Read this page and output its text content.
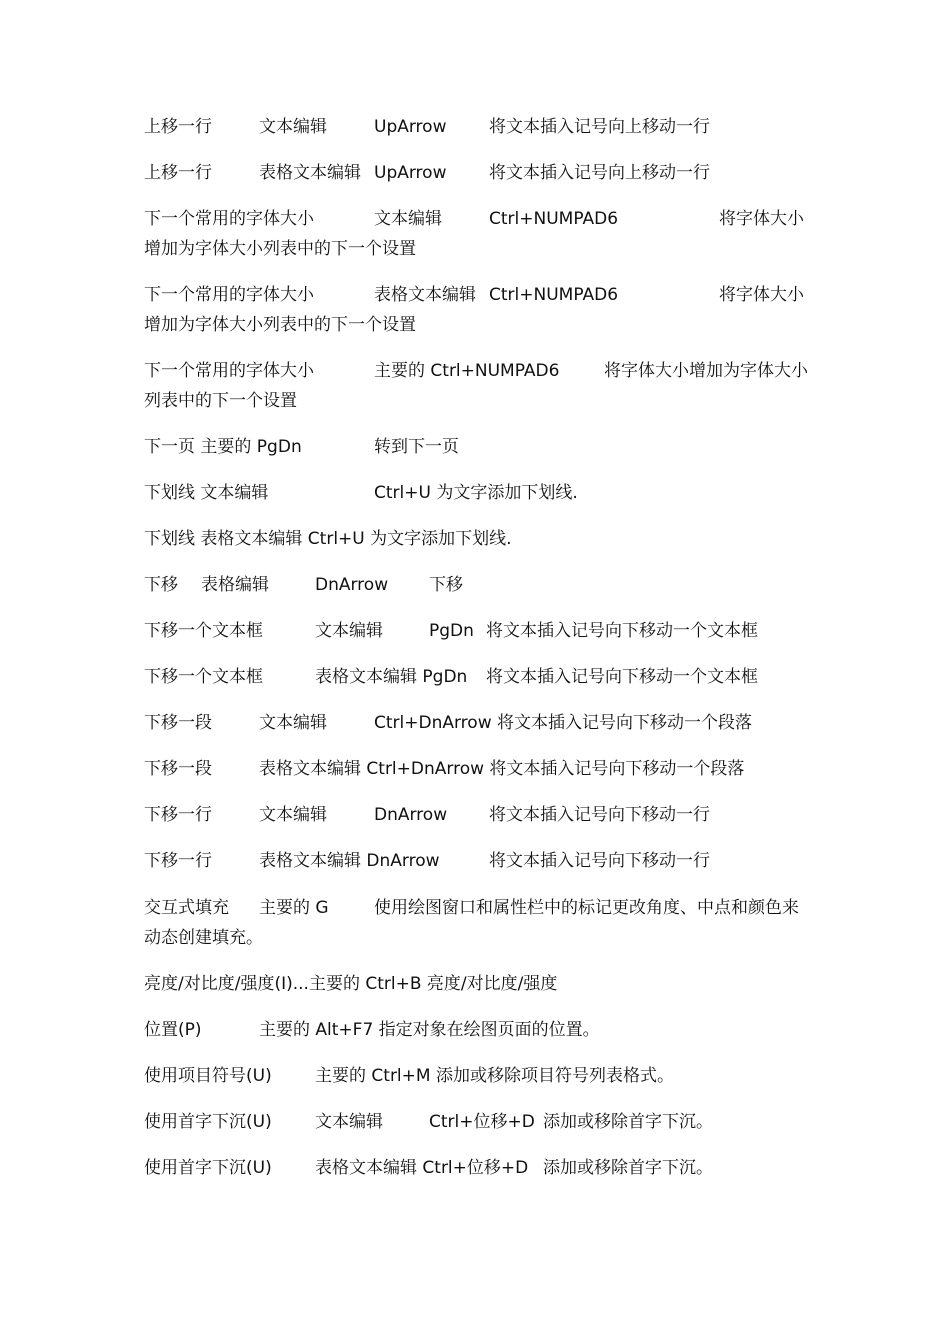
上移一行	文本编辑	UpArrow	将文本插入记号向上移动一行
上移一行	表格文本编辑	UpArrow	将文本插入记号向上移动一行
下一个常用的字体大小	文本编辑	Ctrl+NUMPAD6	将字体大小增加为字体大小列表中的下一个设置
下一个常用的字体大小	表格文本编辑	Ctrl+NUMPAD6	将字体大小增加为字体大小列表中的下一个设置
下一个常用的字体大小	主要的 Ctrl+NUMPAD6	将字体大小增加为字体大小列表中的下一个设置
下一页 主要的 PgDn	转到下一页
下划线 文本编辑	Ctrl+U 为文字添加下划线.
下划线 表格文本编辑 Ctrl+U 为文字添加下划线.
下移	表格编辑	DnArrow	下移
下移一个文本框	文本编辑	PgDn	将文本插入记号向下移动一个文本框
下移一个文本框	表格文本编辑 PgDn	将文本插入记号向下移动一个文本框
下移一段	文本编辑	Ctrl+DnArrow 将文本插入记号向下移动一个段落
下移一段	表格文本编辑 Ctrl+DnArrow 将文本插入记号向下移动一个段落
下移一行	文本编辑	DnArrow	将文本插入记号向下移动一行
下移一行	表格文本编辑 DnArrow	将文本插入记号向下移动一行
交互式填充	主要的 G	使用绘图窗口和属性栏中的标记更改角度、中点和颜色来动态创建填充。
亮度/对比度/强度(I)...主要的 Ctrl+B 亮度/对比度/强度
位置(P)	主要的 Alt+F7 指定对象在绘图页面的位置。
使用项目符号(U)	主要的 Ctrl+M 添加或移除项目符号列表格式。
使用首字下沉(U)	文本编辑	Ctrl+位移+D	添加或移除首字下沉。
使用首字下沉(U)	表格文本编辑 Ctrl+位移+D	添加或移除首字下沉。
